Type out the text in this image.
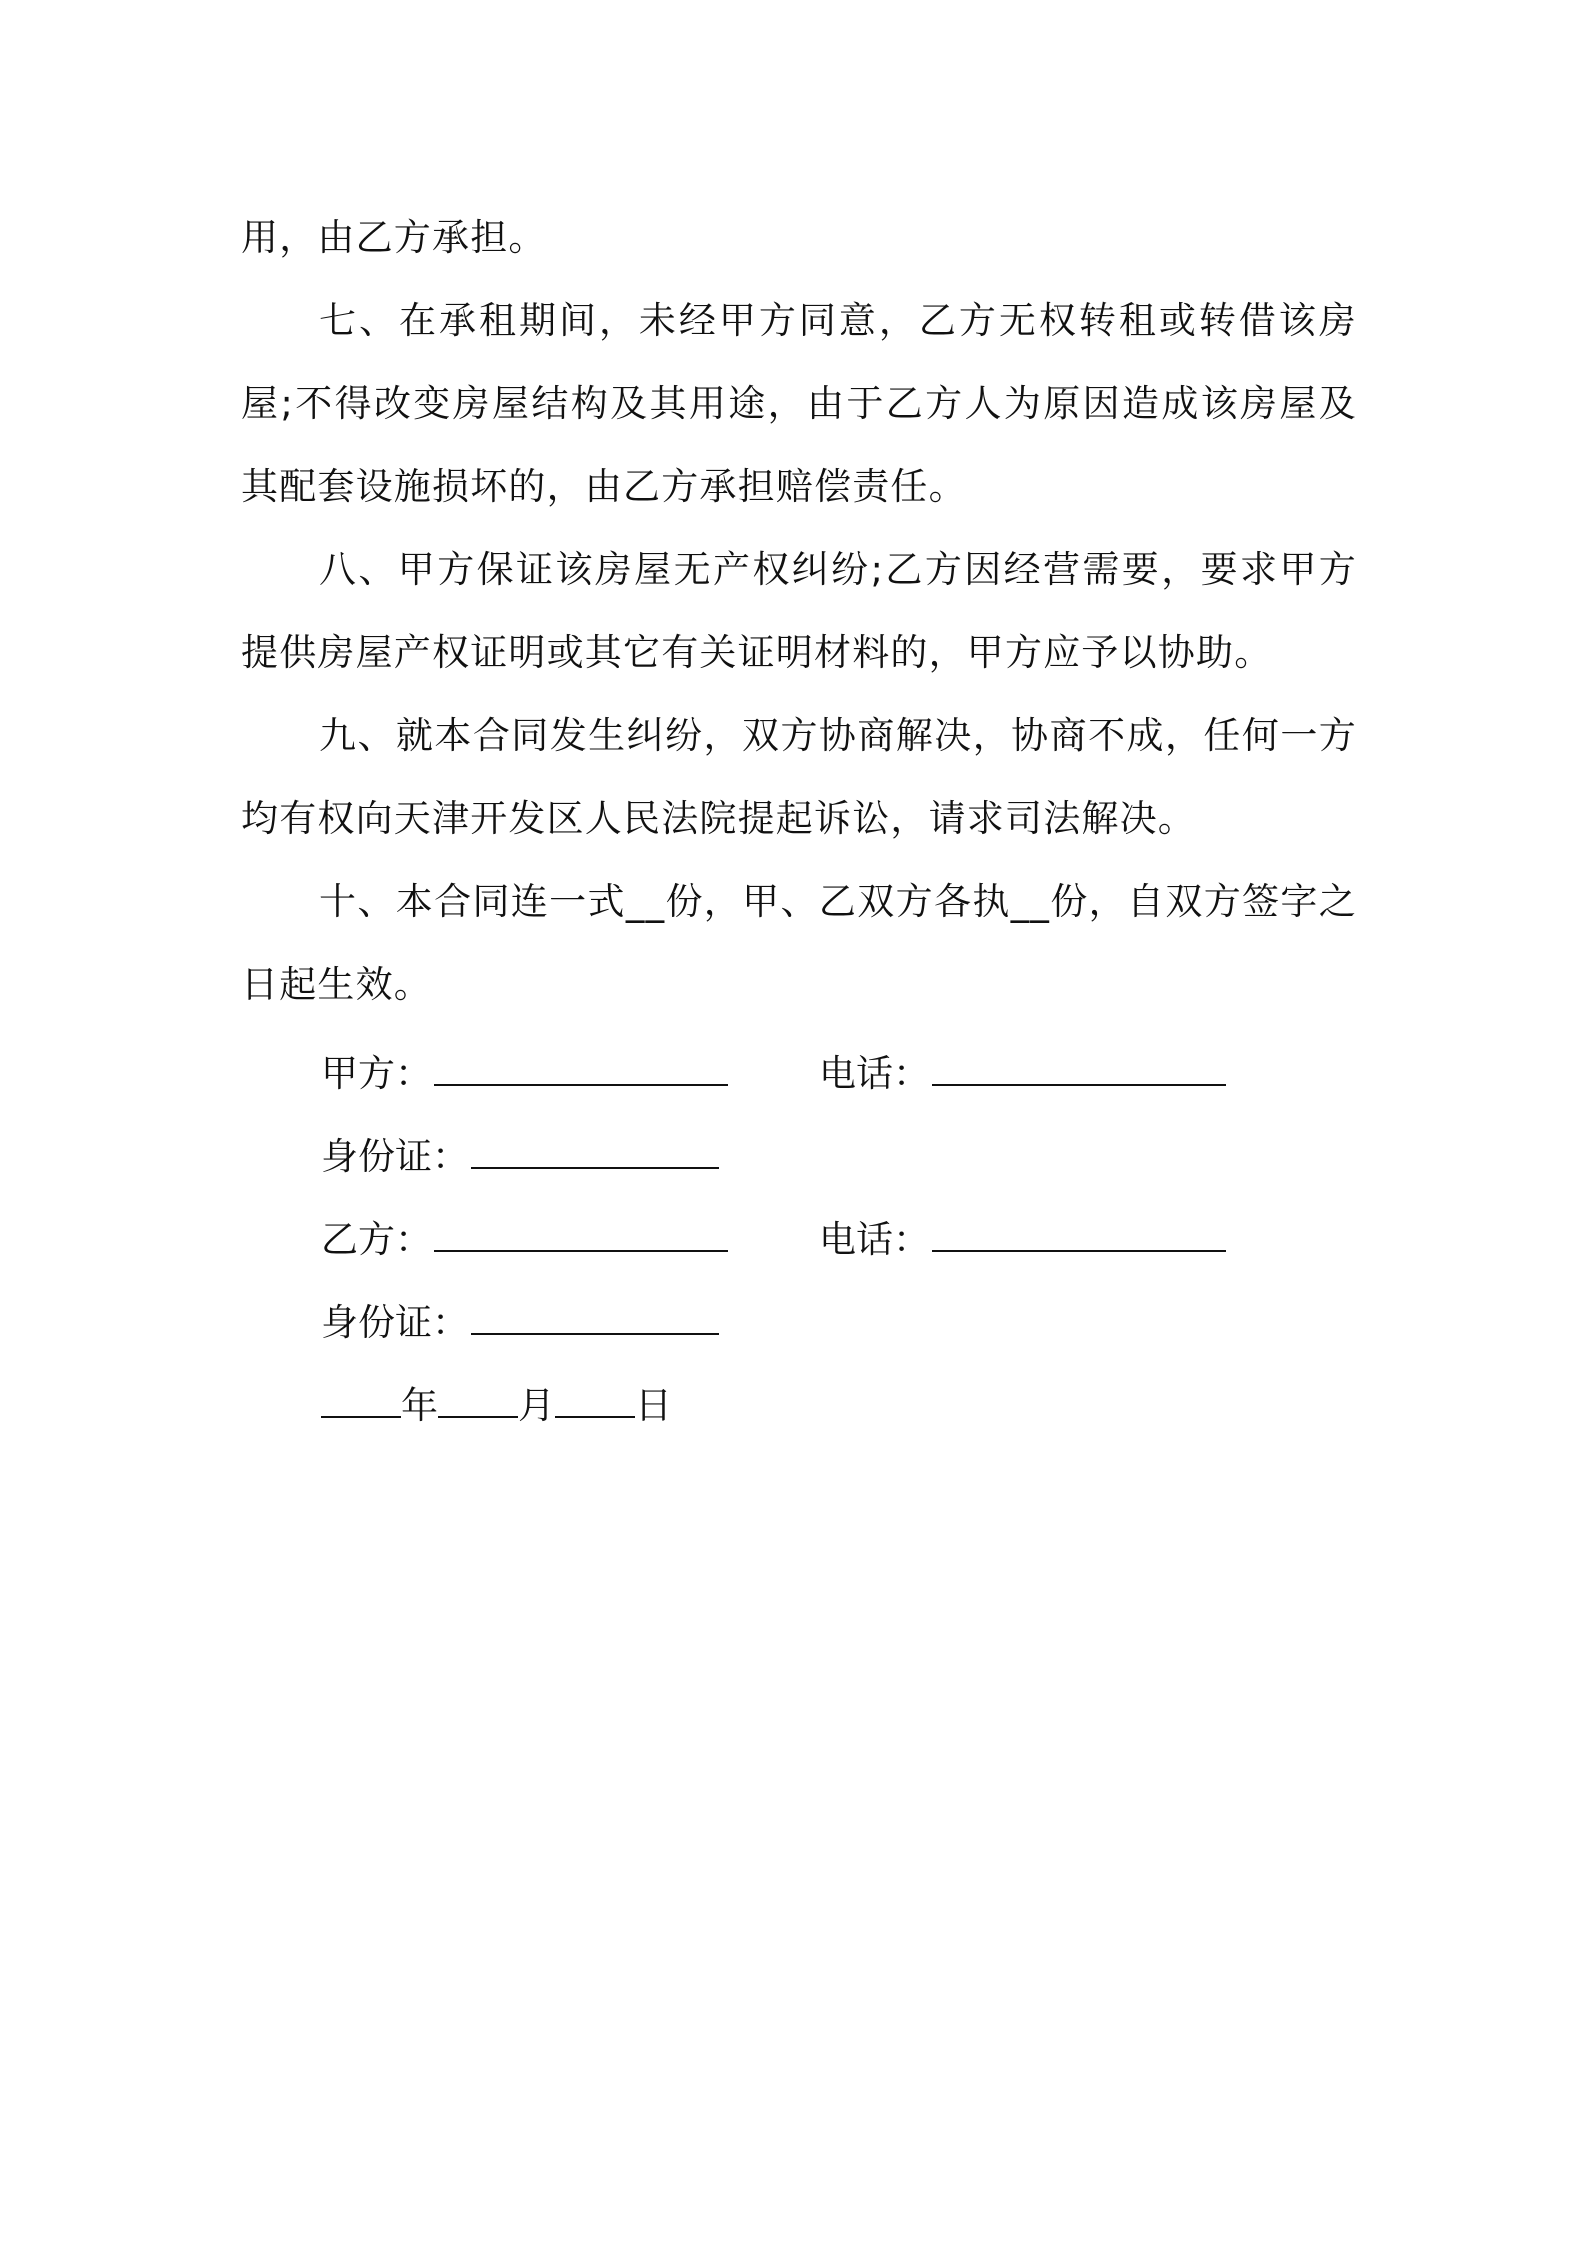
用，由乙方承担。

七、在承租期间，未经甲方同意，乙方无权转租或转借该房屋;不得改变房屋结构及其用途，由于乙方人为原因造成该房屋及其配套设施损坏的，由乙方承担赔偿责任。

八、甲方保证该房屋无产权纠纷;乙方因经营需要，要求甲方提供房屋产权证明或其它有关证明材料的，甲方应予以协助。

九、就本合同发生纠纷，双方协商解决，协商不成，任何一方均有权向天津开发区人民法院提起诉讼，请求司法解决。

十、本合同连一式__份，甲、乙双方各执__份，自双方签字之日起生效。

甲方：	电话：
身份证：
乙方：	电话：
身份证：
年 月 日
